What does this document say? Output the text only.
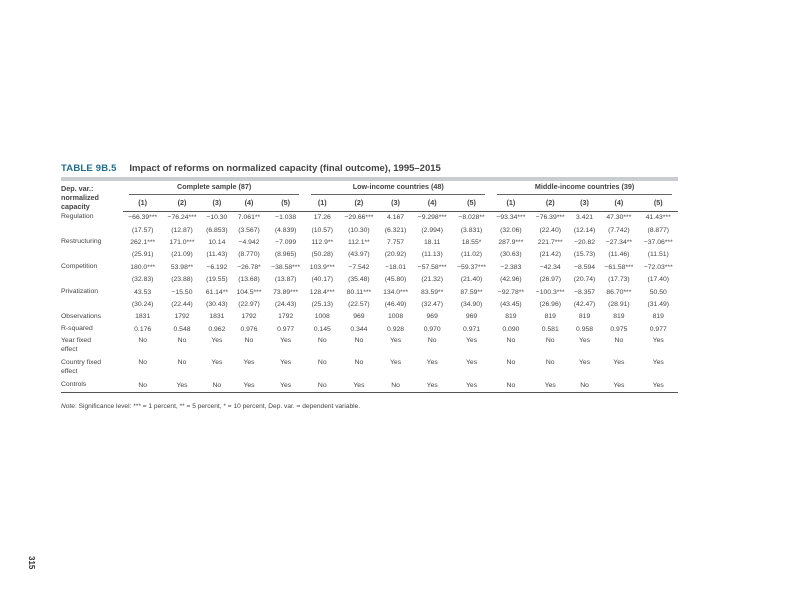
TABLE 9B.5 Impact of reforms on normalized capacity (final outcome), 1995–2015
Dep. var.:
normalized
capacity	Complete sample (87)					Low-income countries (48)					Middle-income countries (39)				

	(1)	(2)	(3)	(4)	(5)	(1)	(2)	(3)	(4)	(5)	(1)	(2)	(3)	(4)	(5)
Regulation	−66.39***	−76.24***	−10.30	7.061**	−1.038	17.26	−29.66***	4.167	−9.298***	−8.028**	−93.34***	−76.39***	3.421	47.30***	41.43***
	(17.57)	(12.87)	(6.853)	(3.567)	(4.839)	(10.57)	(10.30)	(6.321)	(2.994)	(3.831)	(32.06)	(22.40)	(12.14)	(7.742)	(8.877)
Restructuring	262.1***	171.0***	10.14	−4.942	−7.099	112.9**	112.1**	7.757	18.11	18.55*	287.9***	221.7***	−20.82	−27.34**	−37.06***
	(25.91)	(21.09)	(11.43)	(8.770)	(8.965)	(50.28)	(43.97)	(20.92)	(11.13)	(11.02)	(30.63)	(21.42)	(15.73)	(11.46)	(11.51)
Competition	180.0***	53.98**	−6.192	−26.78*	−38.58***	103.9***	−7.542	−18.01	−57.58***	−59.37***	−2.383	−42.34	−8.594	−61.58***	−72.03***
	(32.83)	(23.88)	(19.55)	(13.68)	(13.87)	(40.17)	(35.48)	(45.80)	(21.32)	(21.40)	(42.96)	(26.97)	(20.74)	(17.73)	(17.40)
Privatization	43.53	−15.50	61.14**	104.5***	73.89***	128.4***	80.11***	134.0***	83.59**	87.59**	−92.78**	−100.3***	−8.357	86.70***	50.50
	(30.24)	(22.44)	(30.43)	(22.97)	(24.43)	(25.13)	(22.57)	(46.49)	(32.47)	(34.90)	(43.45)	(26.96)	(42.47)	(28.91)	(31.49)
Observations	1831	1792	1831	1792	1792	1008	969	1008	969	969	819	819	819	819	819
R-squared	0.176	0.548	0.962	0.976	0.977	0.145	0.344	0.928	0.970	0.971	0.090	0.581	0.958	0.975	0.977

Year fixed
effect	No	No	Yes	No	Yes	No	No	Yes	No	Yes	No	No	Yes	No	Yes

Country fixed
effect	No	No	Yes	Yes	Yes	No	No	Yes	Yes	Yes	No	No	Yes	Yes	Yes
Controls	No	Yes	No	Yes	Yes	No	Yes	No	Yes	Yes	No	Yes	No	Yes	Yes
Note: Significance level: *** = 1 percent, ** = 5 percent, * = 10 percent, Dep. var. = dependent variable.
315
